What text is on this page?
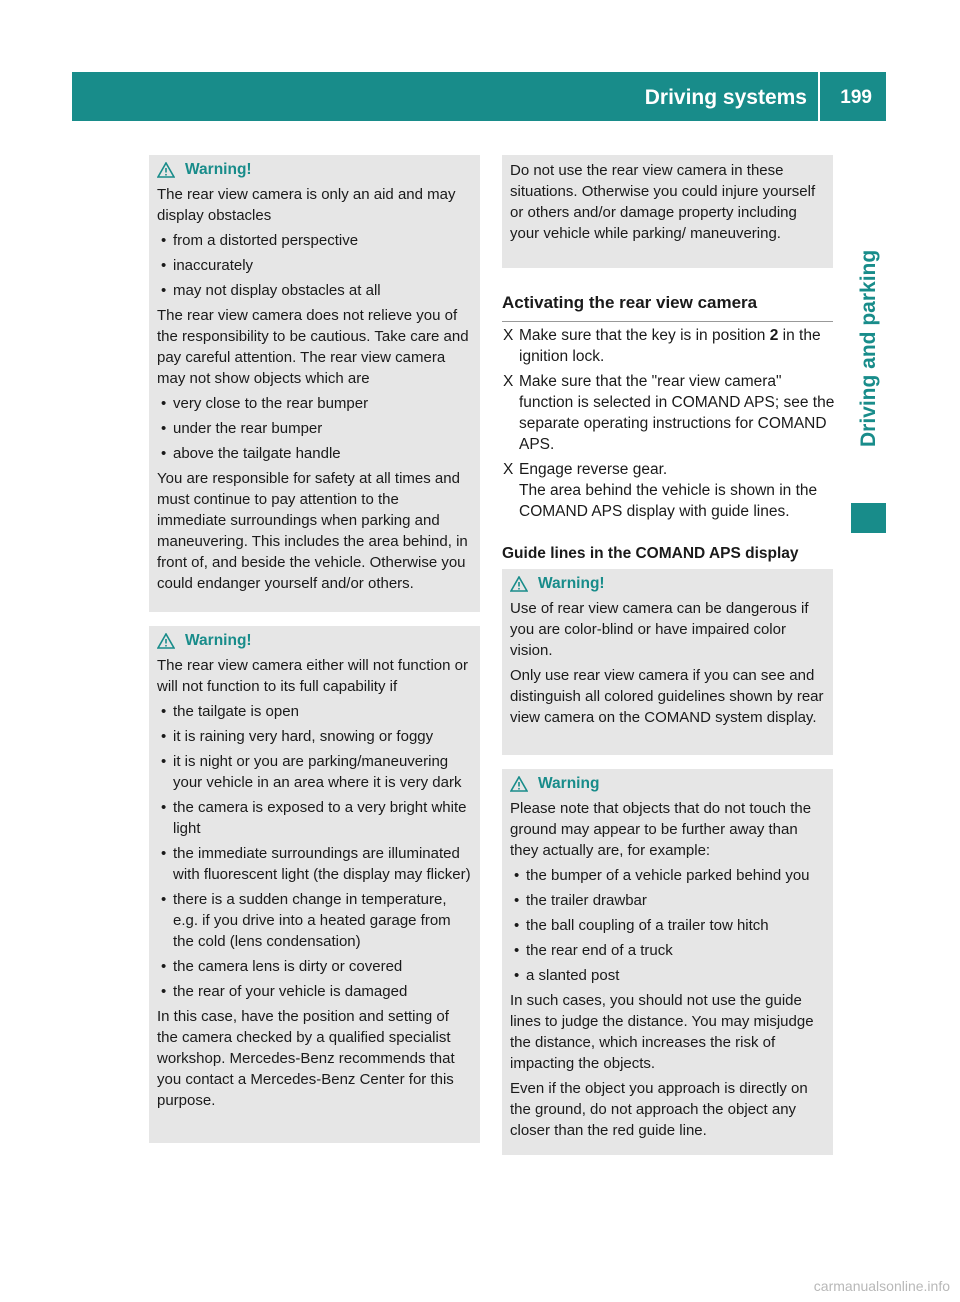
Driving systems	199
Driving and parking
Warning!

The rear view camera is only an aid and may display obstacles

• from a distorted perspective
• inaccurately
• may not display obstacles at all

The rear view camera does not relieve you of the responsibility to be cautious. Take care and pay careful attention. The rear view camera may not show objects which are

• very close to the rear bumper
• under the rear bumper
• above the tailgate handle

You are responsible for safety at all times and must continue to pay attention to the immediate surroundings when parking and maneuvering. This includes the area behind, in front of, and beside the vehicle. Otherwise you could endanger yourself and/or others.

Warning!

The rear view camera either will not function or will not function to its full capability if

• the tailgate is open
• it is raining very hard, snowing or foggy
• it is night or you are parking/maneuvering your vehicle in an area where it is very dark
• the camera is exposed to a very bright white light
• the immediate surroundings are illuminated with fluorescent light (the display may flicker)
• there is a sudden change in temperature, e.g. if you drive into a heated garage from the cold (lens condensation)
• the camera lens is dirty or covered
• the rear of your vehicle is damaged

In this case, have the position and setting of the camera checked by a qualified specialist workshop. Mercedes-Benz recommends that you contact a Mercedes-Benz Center for this purpose.

Do not use the rear view camera in these situations. Otherwise you could injure yourself or others and/or damage property including your vehicle while parking/ maneuvering.

Activating the rear view camera
X Make sure that the key is in position 2 in the ignition lock.
X Make sure that the "rear view camera" function is selected in COMAND APS; see the separate operating instructions for COMAND APS.
X Engage reverse gear.
The area behind the vehicle is shown in the COMAND APS display with guide lines.
Guide lines in the COMAND APS display
Warning!

Use of rear view camera can be dangerous if you are color-blind or have impaired color vision.

Only use rear view camera if you can see and distinguish all colored guidelines shown by rear view camera on the COMAND system display.

Warning

Please note that objects that do not touch the ground may appear to be further away than they actually are, for example:

• the bumper of a vehicle parked behind you
• the trailer drawbar
• the ball coupling of a trailer tow hitch
• the rear end of a truck
• a slanted post

In such cases, you should not use the guide lines to judge the distance. You may misjudge the distance, which increases the risk of impacting the objects.

Even if the object you approach is directly on the ground, do not approach the object any closer than the red guide line.

carmanualsonline.info
